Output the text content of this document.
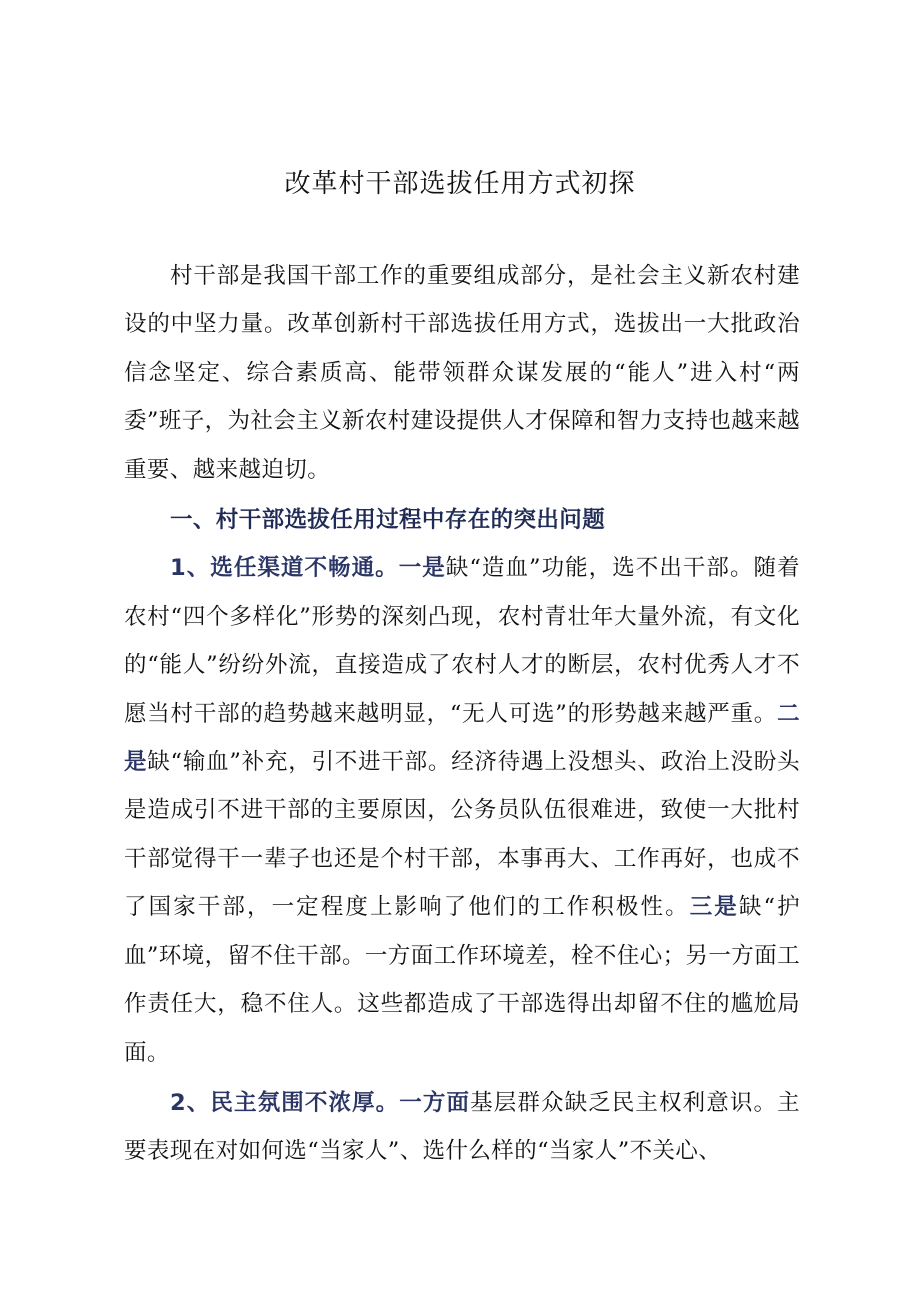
改革村干部选拔任用方式初探

村干部是我国干部工作的重要组成部分，是社会主义新农村建设的中坚力量。改革创新村干部选拔任用方式，选拔出一大批政治信念坚定、综合素质高、能带领群众谋发展的“能人”进入村“两委”班子，为社会主义新农村建设提供人才保障和智力支持也越来越重要、越来越迫切。

一、村干部选拔任用过程中存在的突出问题

1、选任渠道不畅通。一是缺“造血”功能，选不出干部。随着农村“四个多样化”形势的深刻凸现，农村青壮年大量外流，有文化的“能人”纷纷外流，直接造成了农村人才的断层，农村优秀人才不愿当村干部的趋势越来越明显，“无人可选”的形势越来越严重。二是缺“输血”补充，引不进干部。经济待遇上没想头、政治上没盼头是造成引不进干部的主要原因，公务员队伍很难进，致使一大批村干部觉得干一辈子也还是个村干部，本事再大、工作再好，也成不了国家干部，一定程度上影响了他们的工作积极性。三是缺“护血”环境，留不住干部。一方面工作环境差，栓不住心；另一方面工作责任大，稳不住人。这些都造成了干部选得出却留不住的尴尬局面。

2、民主氛围不浓厚。一方面基层群众缺乏民主权利意识。主要表现在对如何选“当家人”、选什么样的“当家人”不关心、
